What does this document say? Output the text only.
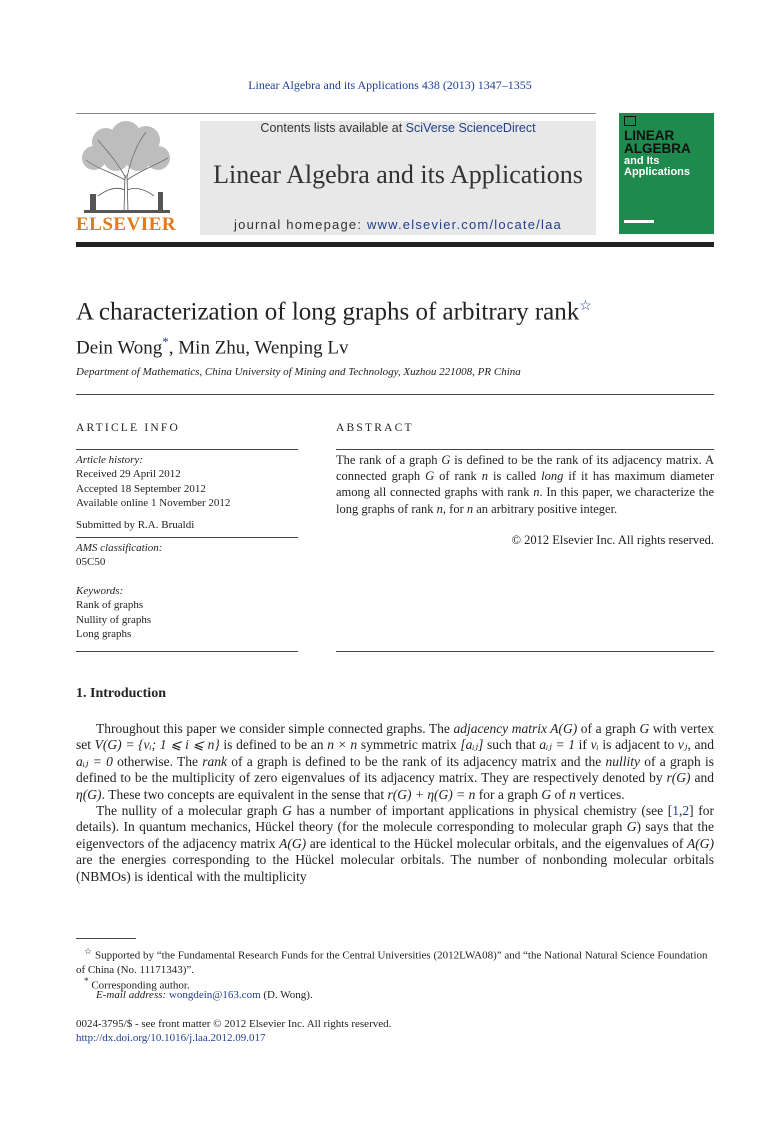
Linear Algebra and its Applications 438 (2013) 1347–1355
ELSEVIER
Contents lists available at SciVerse ScienceDirect
Linear Algebra and its Applications
journal homepage: www.elsevier.com/locate/laa
LINEAR ALGEBRA
and Its Applications
A characterization of long graphs of arbitrary rank☆
Dein Wong*, Min Zhu, Wenping Lv
Department of Mathematics, China University of Mining and Technology, Xuzhou 221008, PR China
ARTICLE INFO
Article history:
Received 29 April 2012
Accepted 18 September 2012
Available online 1 November 2012
Submitted by R.A. Brualdi
AMS classification:
05C50
Keywords:
Rank of graphs
Nullity of graphs
Long graphs
ABSTRACT
The rank of a graph G is defined to be the rank of its adjacency matrix. A connected graph G of rank n is called long if it has maximum diameter among all connected graphs with rank n. In this paper, we characterize the long graphs of rank n, for n an arbitrary positive integer.
© 2012 Elsevier Inc. All rights reserved.
1. Introduction

Throughout this paper we consider simple connected graphs. The adjacency matrix A(G) of a graph G with vertex set V(G) = {vᵢ; 1 ⩽ i ⩽ n} is defined to be an n × n symmetric matrix [aᵢⱼ] such that aᵢⱼ = 1 if vᵢ is adjacent to vⱼ, and aᵢⱼ = 0 otherwise. The rank of a graph is defined to be the rank of its adjacency matrix and the nullity of a graph is defined to be the multiplicity of zero eigenvalues of its adjacency matrix. They are respectively denoted by r(G) and η(G). These two concepts are equivalent in the sense that r(G) + η(G) = n for a graph G of n vertices.

The nullity of a molecular graph G has a number of important applications in physical chemistry (see [1,2] for details). In quantum mechanics, Hückel theory (for the molecule corresponding to molecular graph G) says that the eigenvectors of the adjacency matrix A(G) are identical to the Hückel molecular orbitals, and the eigenvalues of A(G) are the energies corresponding to the Hückel molecular orbitals. The number of nonbonding molecular orbitals (NBMOs) is identical with the multiplicity

☆ Supported by “the Fundamental Research Funds for the Central Universities (2012LWA08)” and “the National Natural Science Foundation of China (No. 11171343)”.
* Corresponding author.
E-mail address: wongdein@163.com (D. Wong).
0024-3795/$ - see front matter © 2012 Elsevier Inc. All rights reserved.
http://dx.doi.org/10.1016/j.laa.2012.09.017
